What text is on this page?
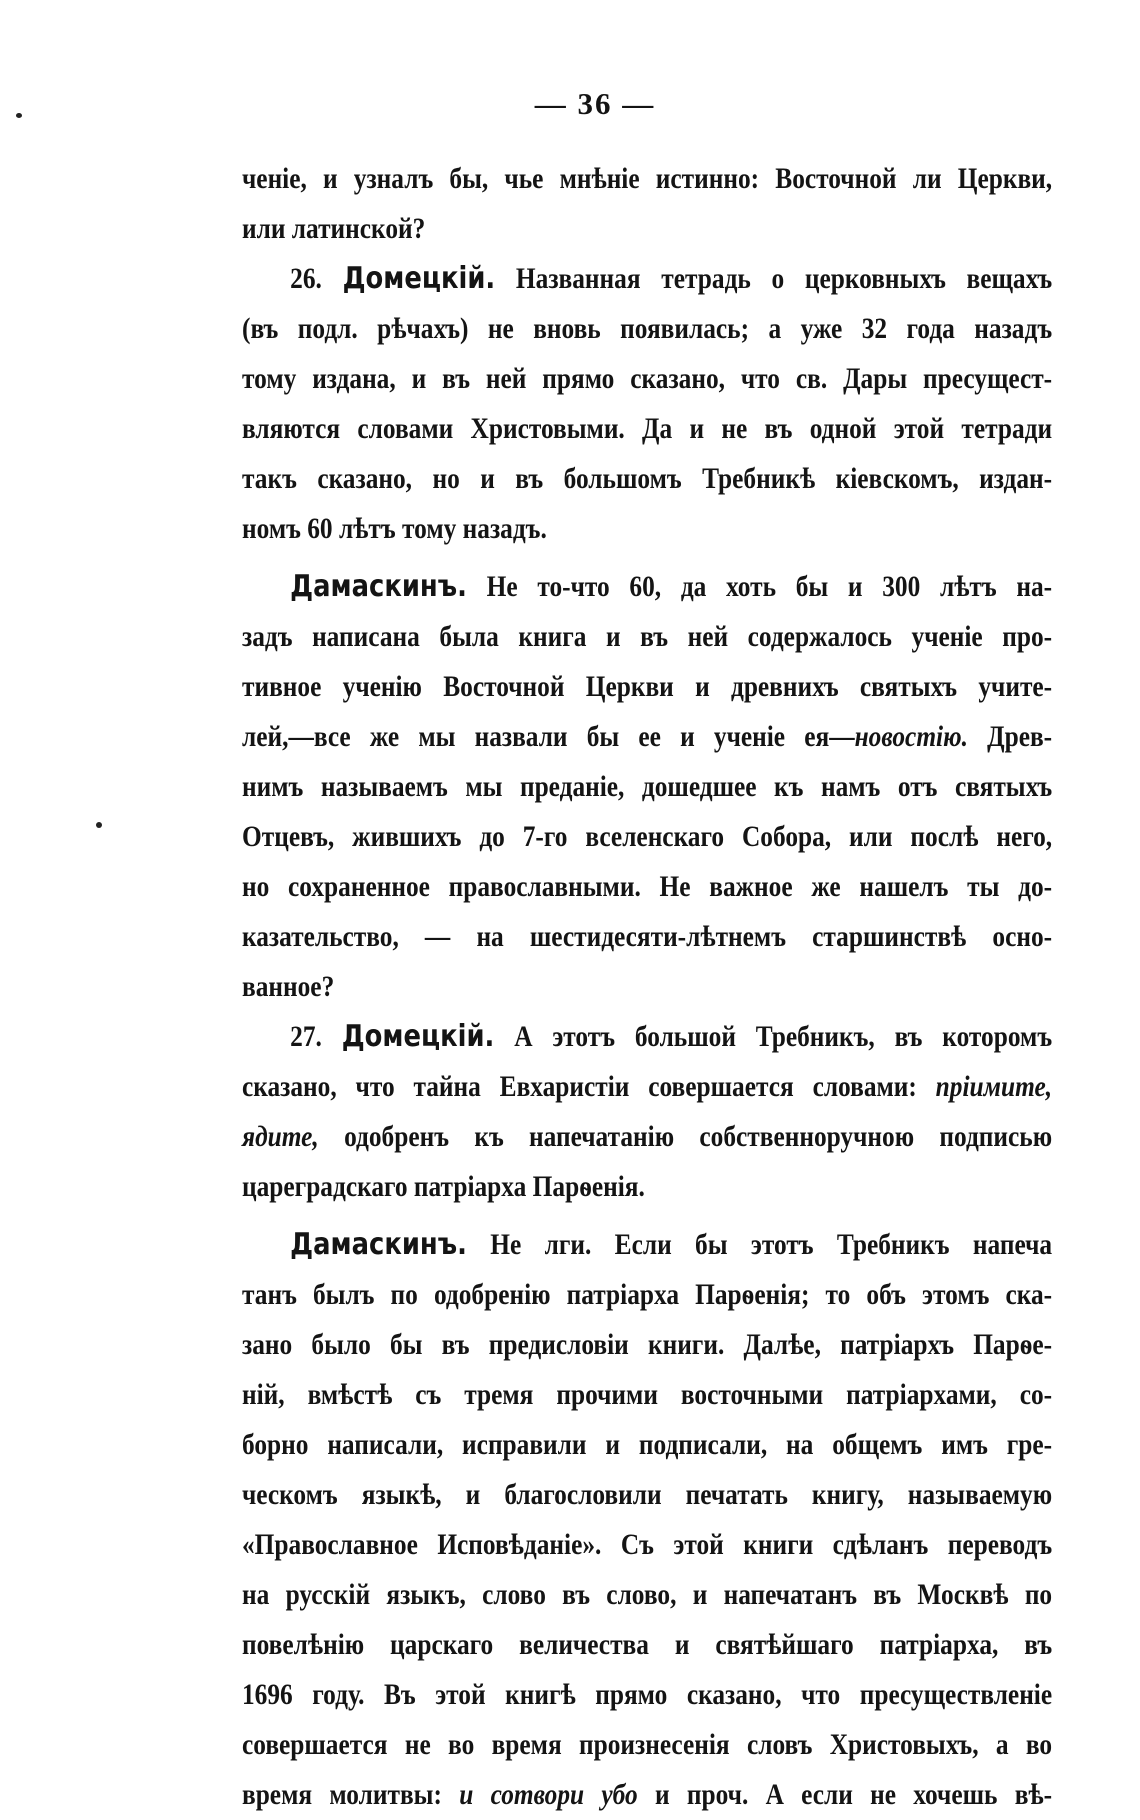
— 36 —
ченіе, и узналъ бы, чье мнѣніе истинно: Восточной ли Церкви,
или латинской?
26. Домецкій. Названная тетрадь о церковныхъ вещахъ
(въ подл. рѣчахъ) не вновь появилась; а уже 32 года назадъ
тому издана, и въ ней прямо сказано, что св. Дары пресущест-
вляются словами Христовыми. Да и не въ одной этой тетради
такъ сказано, но и въ большомъ Требникѣ кіевскомъ, издан-
номъ 60 лѣтъ тому назадъ.
Дамаскинъ. Не то-что 60, да хоть бы и 300 лѣтъ на-
задъ написана была книга и въ ней содержалось ученіе про-
тивное ученію Восточной Церкви и древнихъ святыхъ учите-
лей,—все же мы назвали бы ее и ученіе ея—новостію. Древ-
нимъ называемъ мы преданіе, дошедшее къ намъ отъ святыхъ
Отцевъ, жившихъ до 7-го вселенскаго Собора, или послѣ него,
но сохраненное православными. Не важное же нашелъ ты до-
казательство, — на шестидесяти-лѣтнемъ старшинствѣ осно-
ванное?
27. Домецкій. А этотъ большой Требникъ, въ которомъ
сказано, что тайна Евхаристіи совершается словами: пріимите,
ядите, одобренъ къ напечатанію собственноручною подписью
цареградскаго патріарха Парѳенія.
Дамаскинъ. Не лги. Если бы этотъ Требникъ напеча
танъ былъ по одобренію патріарха Парѳенія; то объ этомъ ска-
зано было бы въ предисловіи книги. Далѣе, патріархъ Парѳе-
ній, вмѣстѣ съ тремя прочими восточными патріархами, со-
борно написали, исправили и подписали, на общемъ имъ гре-
ческомъ языкѣ, и благословили печатать книгу, называемую
«Православное Исповѣданіе». Съ этой книги сдѣланъ переводъ
на русскій языкъ, слово въ слово, и напечатанъ въ Москвѣ по
повелѣнію царскаго величества и святѣйшаго патріарха, въ
1696 году. Въ этой книгѣ прямо сказано, что пресуществленіе
совершается не во время произнесенія словъ Христовыхъ, а во
время молитвы: и сотвори убо и проч. А если не хочешь вѣ-
